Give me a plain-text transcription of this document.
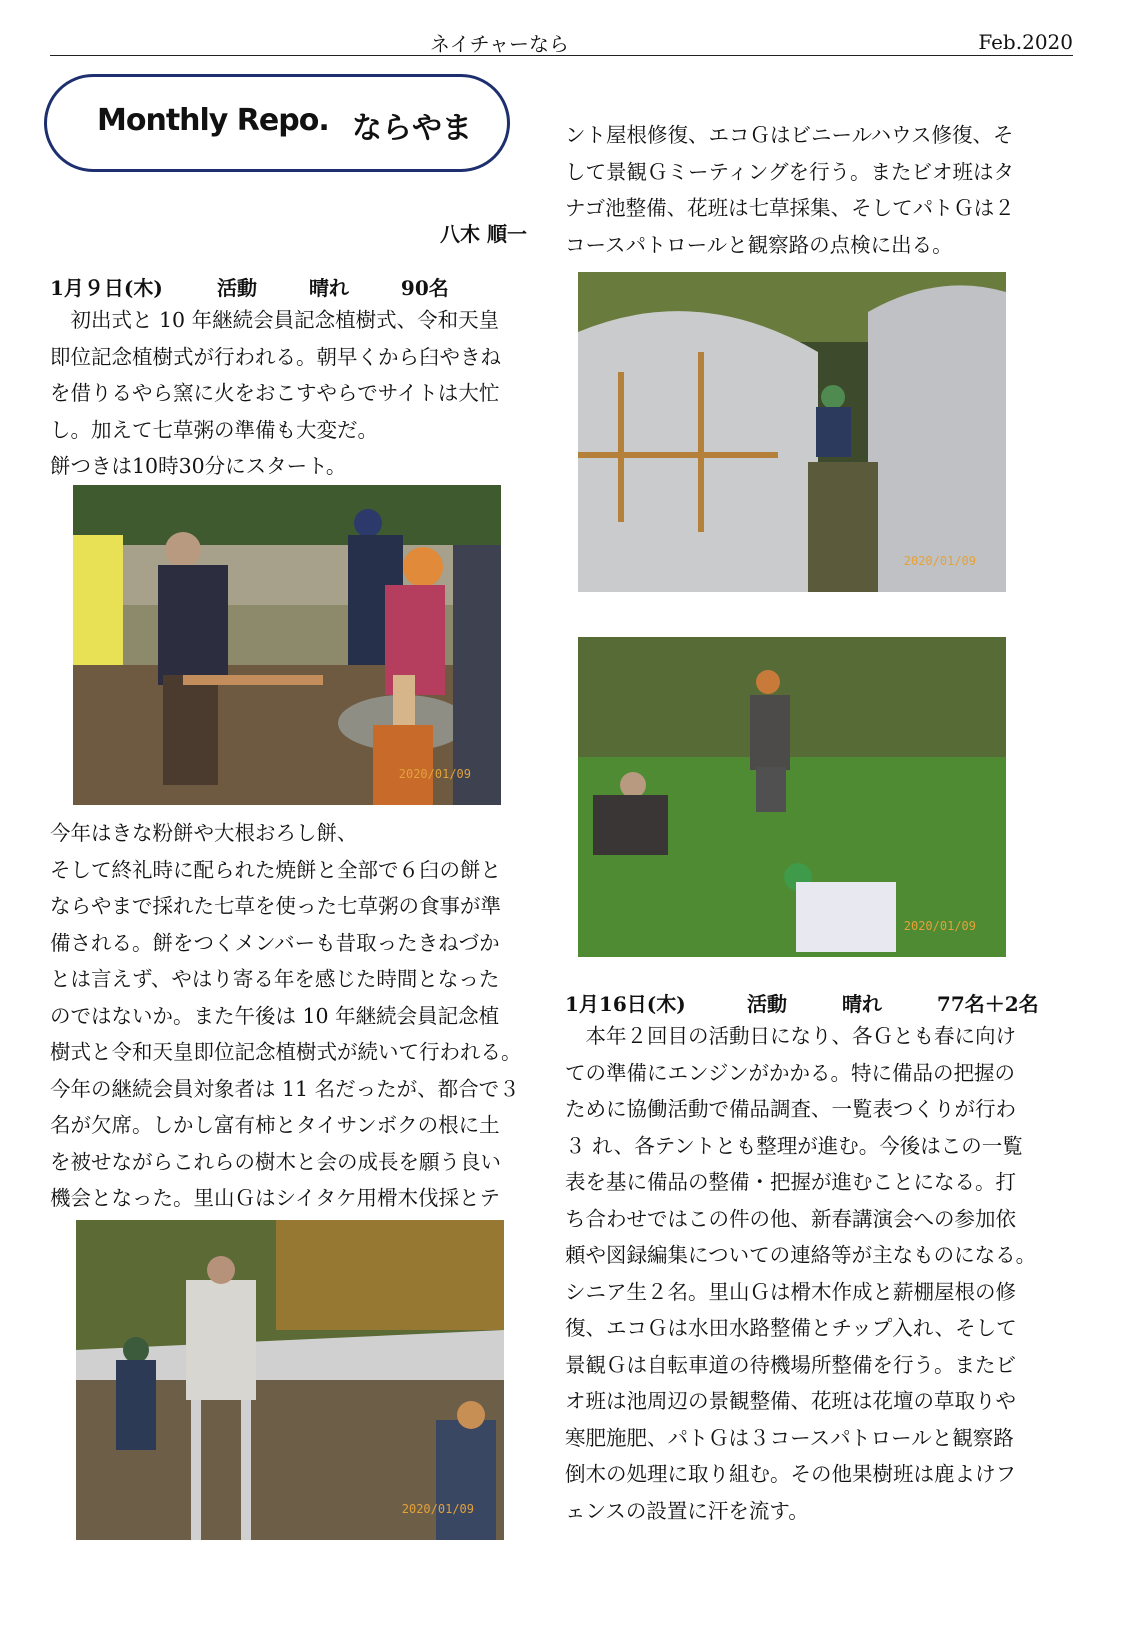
ネイチャーなら	Feb.2020
Monthly Repo. ならやま
八木 順一
1月９日(木)	活動	晴れ	90名

　初出式と 10 年継続会員記念植樹式、令和天皇
即位記念植樹式が行われる。朝早くから臼やきね
を借りるやら窯に火をおこすやらでサイトは大忙
し。加えて七草粥の準備も大変だ。
餅つきは10時30分にスタート。

2020/01/09

今年はきな粉餅や大根おろし餅、
そして終礼時に配られた焼餅と全部で６臼の餅と
ならやまで採れた七草を使った七草粥の食事が準
備される。餅をつくメンバーも昔取ったきねづか
とは言えず、やはり寄る年を感じた時間となった
のではないか。また午後は 10 年継続会員記念植
樹式と令和天皇即位記念植樹式が続いて行われる。
今年の継続会員対象者は 11 名だったが、都合で３
名が欠席。しかし富有柿とタイサンボクの根に土
を被せながらこれらの樹木と会の成長を願う良い
機会となった。里山Ｇはシイタケ用榾木伐採とテ

2020/01/09

ント屋根修復、エコＧはビニールハウス修復、そ
して景観Ｇミーティングを行う。またビオ班はタ
ナゴ池整備、花班は七草採集、そしてパトＧは２
コースパトロールと観察路の点検に出る。

2020/01/09
2020/01/09
1月16日(木)	活動	晴れ	77名＋2名

　本年２回目の活動日になり、各Ｇとも春に向け
ての準備にエンジンがかかる。特に備品の把握の
ために協働活動で備品調査、一覧表つくりが行わ
３ れ、各テントとも整理が進む。今後はこの一覧
表を基に備品の整備・把握が進むことになる。打
ち合わせではこの件の他、新春講演会への参加依
頼や図録編集についての連絡等が主なものになる。
シニア生２名。里山Ｇは榾木作成と薪棚屋根の修
復、エコＧは水田水路整備とチップ入れ、そして
景観Ｇは自転車道の待機場所整備を行う。またビ
オ班は池周辺の景観整備、花班は花壇の草取りや
寒肥施肥、パトＧは３コースパトロールと観察路
倒木の処理に取り組む。その他果樹班は鹿よけフ
ェンスの設置に汗を流す。
